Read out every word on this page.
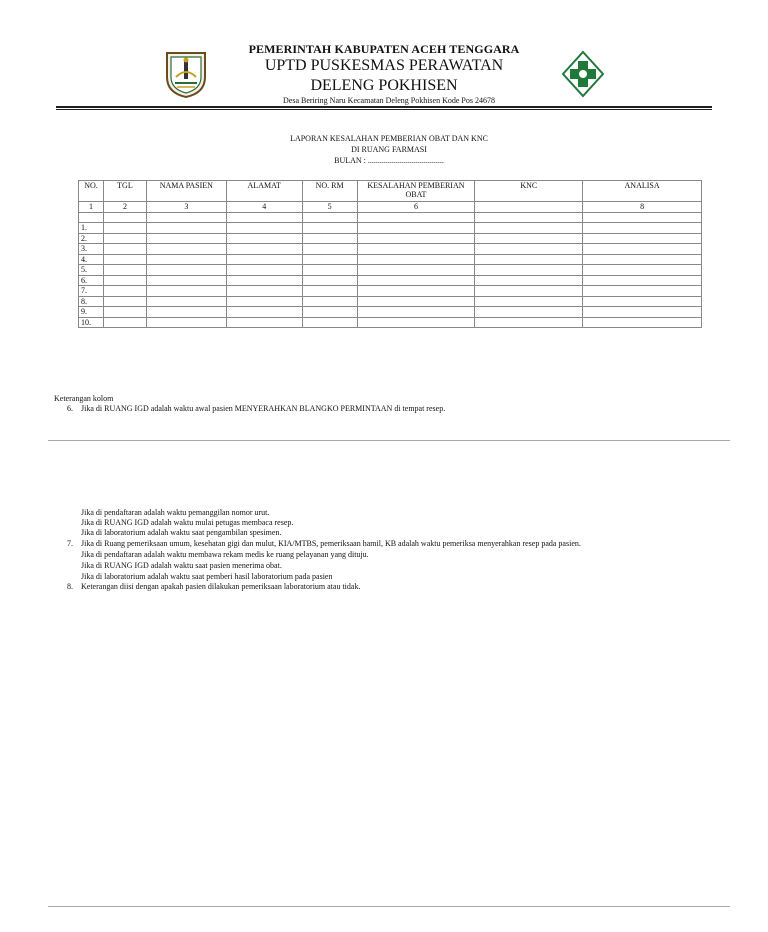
PEMERINTAH KABUPATEN ACEH TENGGARA
UPTD PUSKESMAS PERAWATAN
DELENG POKHISEN
Desa Beriring Naru Kecamatan Deleng Pokhisen Kode Pos 24678
LAPORAN KESALAHAN PEMBERIAN OBAT DAN KNC
DI RUANG FARMASI
BULAN : ......................................
NO.	TGL	NAMA PASIEN	ALAMAT	NO. RM	KESALAHAN PEMBERIAN OBAT	KNC	ANALISA
1	2	3	4	5	6		8

1.							
2.							
3.							
4.							
5.							
6.							
7.							
8.							
9.							
10.							
Keterangan kolom
6. Jika di RUANG IGD adalah waktu awal pasien MENYERAHKAN BLANGKO PERMINTAAN di tempat resep.
Jika di pendaftaran adalah waktu pemanggilan nomor urut.
Jika di RUANG IGD adalah waktu mulai petugas membaca resep.
Jika di laboratorium adalah waktu saat pengambilan spesimen.
7. Jika di Ruang pemeriksaan umum, kesehatan gigi dan mulut, KIA/MTBS, pemeriksaan hamil, KB adalah waktu pemeriksa menyerahkan resep pada pasien.
Jika di pendaftaran adalah waktu membawa rekam medis ke ruang pelayanan yang dituju.
Jika di RUANG IGD adalah waktu saat pasien menerima obat.
Jika di laboratorium adalah waktu saat pemberi hasil laboratorium pada pasien
8. Keterangan diisi dengan apakah pasien dilakukan pemeriksaan laboratorium atau tidak.
